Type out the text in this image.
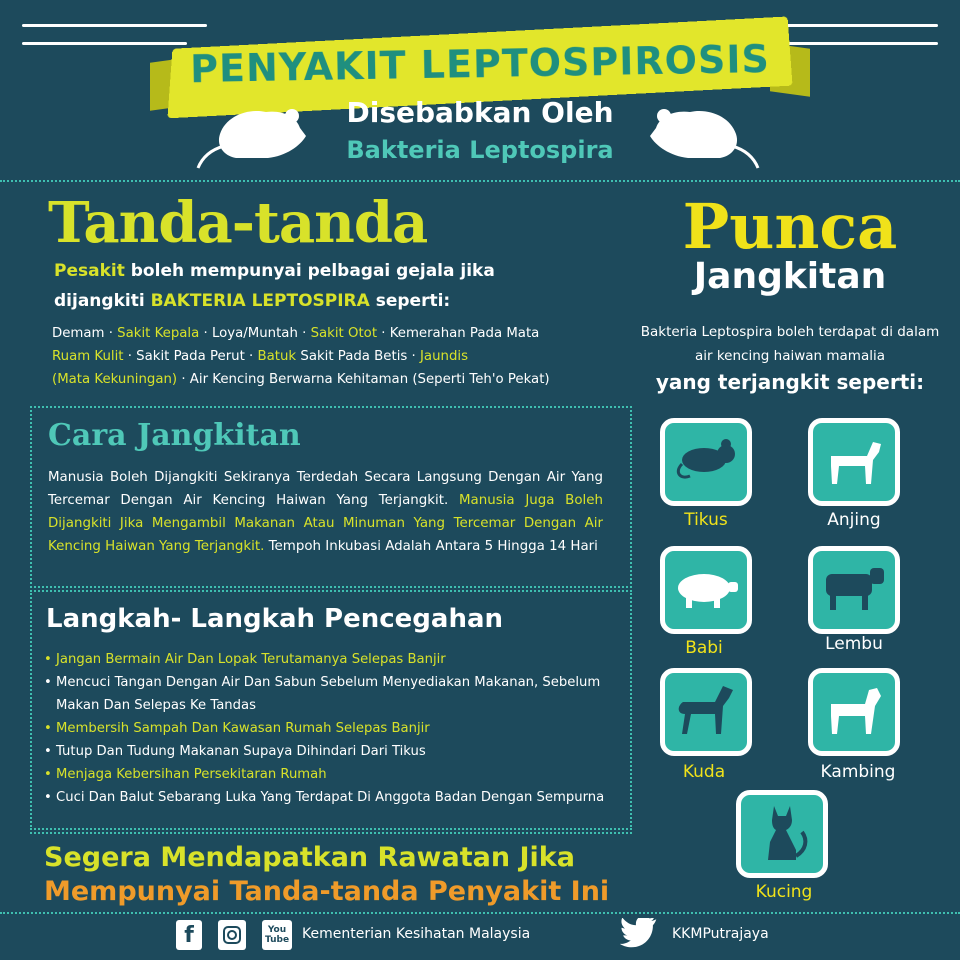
PENYAKIT LEPTOSPIROSIS
Disebabkan Oleh
Bakteria Leptospira
Tanda-tanda
Pesakit boleh mempunyai pelbagai gejala jika
dijangkiti BAKTERIA LEPTOSPIRA seperti:
Demam · Sakit Kepala · Loya/Muntah · Sakit Otot · Kemerahan Pada Mata
Ruam Kulit · Sakit Pada Perut · Batuk Sakit Pada Betis · Jaundis
(Mata Kekuningan) · Air Kencing Berwarna Kehitaman (Seperti Teh'o Pekat)
Cara Jangkitan
Manusia Boleh Dijangkiti Sekiranya Terdedah Secara Langsung Dengan Air Yang Tercemar Dengan Air Kencing Haiwan Yang Terjangkit. Manusia Juga Boleh Dijangkiti Jika Mengambil Makanan Atau Minuman Yang Tercemar Dengan Air Kencing Haiwan Yang Terjangkit. Tempoh Inkubasi Adalah Antara 5 Hingga 14 Hari
Langkah- Langkah Pencegahan
• Jangan Bermain Air Dan Lopak Terutamanya Selepas Banjir
• Mencuci Tangan Dengan Air Dan Sabun Sebelum Menyediakan Makanan, Sebelum Makan Dan Selepas Ke Tandas
• Membersih Sampah Dan Kawasan Rumah Selepas Banjir
• Tutup Dan Tudung Makanan Supaya Dihindari Dari Tikus
• Menjaga Kebersihan Persekitaran Rumah
• Cuci Dan Balut Sebarang Luka Yang Terdapat Di Anggota Badan Dengan Sempurna
Segera Mendapatkan Rawatan Jika
Mempunyai Tanda-tanda Penyakit Ini
Punca
Jangkitan
Bakteria Leptospira boleh terdapat di dalam air kencing haiwan mamalia
yang terjangkit seperti:
Tikus	Anjing
Babi	Lembu
Kuda	Kambing
Kucing
f	You
Tube Kementerian Kesihatan Malaysia	KKMPutrajaya
